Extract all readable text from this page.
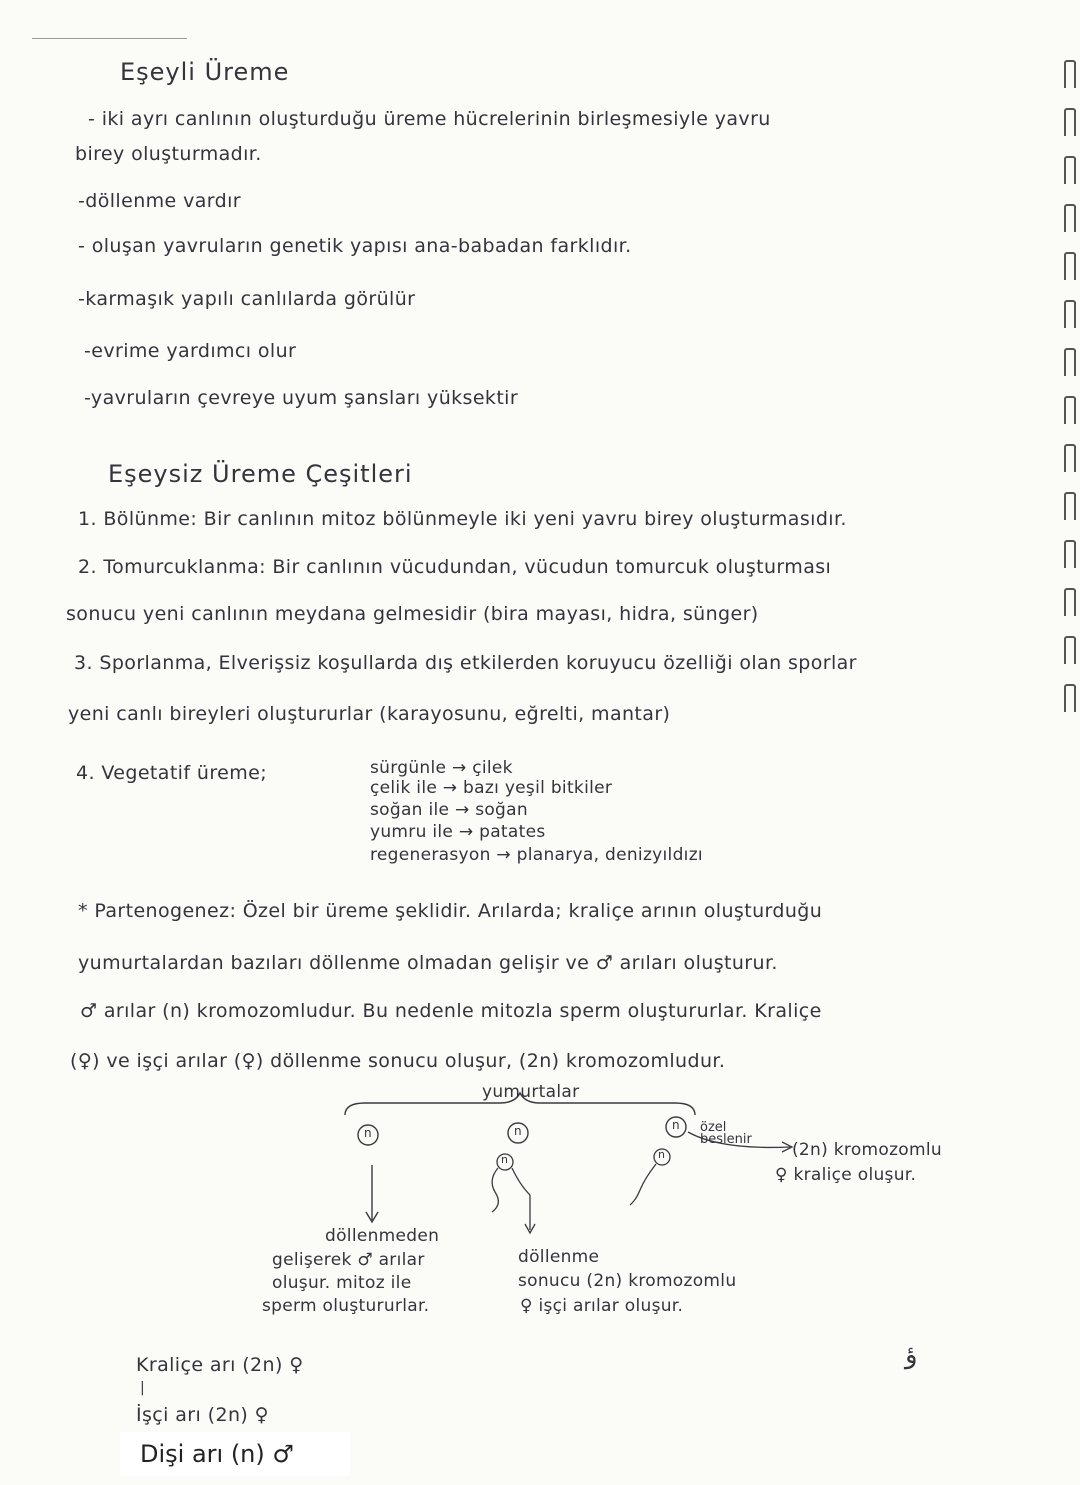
Eşeyli Üreme
- iki ayrı canlının oluşturduğu üreme hücrelerinin birleşmesiyle yavru
birey oluşturmadır.
-döllenme vardır
- oluşan yavruların genetik yapısı ana-babadan farklıdır.
-karmaşık yapılı canlılarda görülür
-evrime yardımcı olur
-yavruların çevreye uyum şansları yüksektir
Eşeysiz Üreme Çeşitleri
1. Bölünme: Bir canlının mitoz bölünmeyle iki yeni yavru birey oluşturmasıdır.
2. Tomurcuklanma: Bir canlının vücudundan, vücudun tomurcuk oluşturması
sonucu yeni canlının meydana gelmesidir (bira mayası, hidra, sünger)
3. Sporlanma, Elverişsiz koşullarda dış etkilerden koruyucu özelliği olan sporlar
yeni canlı bireyleri oluştururlar (karayosunu, eğrelti, mantar)
4. Vegetatif üreme;	sürgünle → çilek
çelik ile → bazı yeşil bitkiler
soğan ile → soğan
yumru ile → patates
regenerasyon → planarya, denizyıldızı
* Partenogenez: Özel bir üreme şeklidir. Arılarda; kraliçe arının oluşturduğu
yumurtalardan bazıları döllenme olmadan gelişir ve ♂ arıları oluşturur.
♂ arılar (n) kromozomludur. Bu nedenle mitozla sperm oluştururlar. Kraliçe
(♀) ve işçi arılar (♀) döllenme sonucu oluşur, (2n) kromozomludur.
yumurtalar
n	n	n
n	n
özel beslenir
döllenmeden
gelişerek ♂ arılar
oluşur. mitoz ile
sperm oluştururlar.
döllenme
sonucu (2n) kromozomlu
♀ işçi arılar oluşur.
(2n) kromozomlu
♀ kraliçe oluşur.
Kraliçe arı (2n) ♀
|
İşçi arı (2n) ♀
Dişi arı (n) ♂
ؤ
